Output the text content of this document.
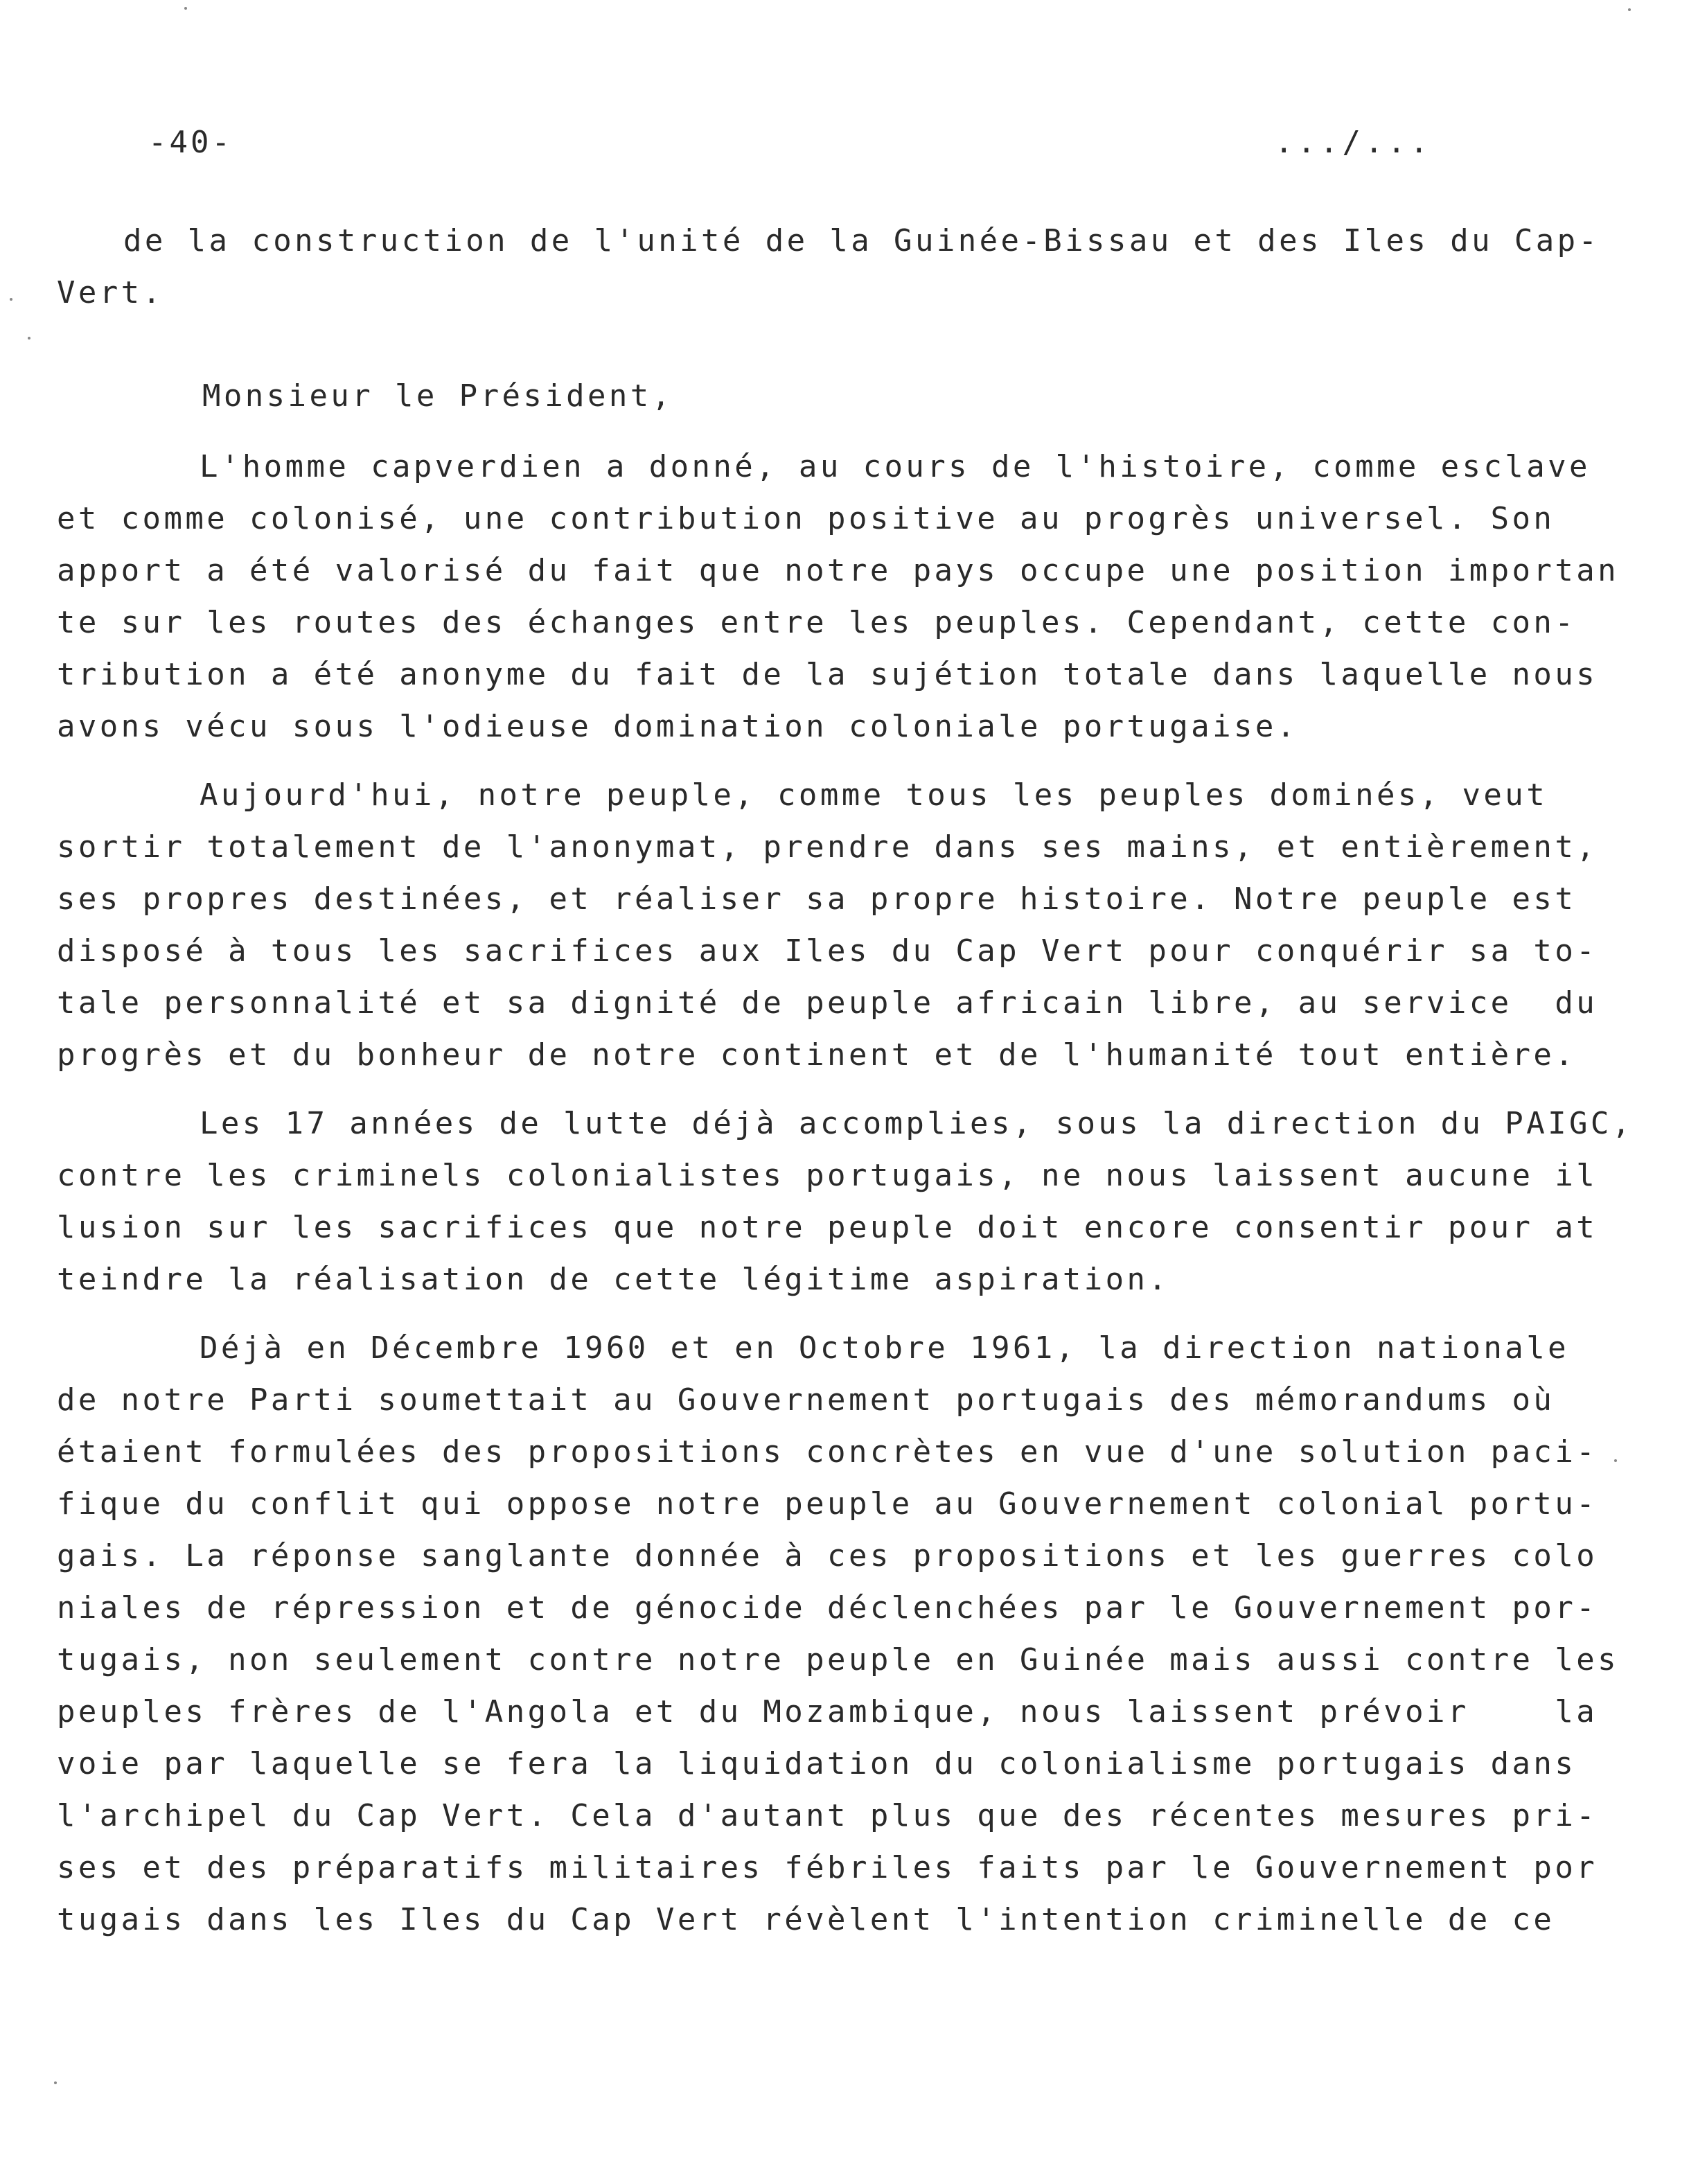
-40-	.../...
de la construction de l'unité de la Guinée-Bissau et des Iles du Cap-
Vert.
Monsieur le Président,
L'homme capverdien a donné, au cours de l'histoire, comme esclave
et comme colonisé, une contribution positive au progrès universel. Son
apport a été valorisé du fait que notre pays occupe une position importan
te sur les routes des échanges entre les peuples. Cependant, cette con-
tribution a été anonyme du fait de la sujétion totale dans laquelle nous
avons vécu sous l'odieuse domination coloniale portugaise.
Aujourd'hui, notre peuple, comme tous les peuples dominés, veut
sortir totalement de l'anonymat, prendre dans ses mains, et entièrement,
ses propres destinées, et réaliser sa propre histoire. Notre peuple est
disposé à tous les sacrifices aux Iles du Cap Vert pour conquérir sa to-
tale personnalité et sa dignité de peuple africain libre, au service  du
progrès et du bonheur de notre continent et de l'humanité tout entière.
Les 17 années de lutte déjà accomplies, sous la direction du PAIGC,
contre les criminels colonialistes portugais, ne nous laissent aucune il
lusion sur les sacrifices que notre peuple doit encore consentir pour at
teindre la réalisation de cette légitime aspiration.
Déjà en Décembre 1960 et en Octobre 1961, la direction nationale
de notre Parti soumettait au Gouvernement portugais des mémorandums où
étaient formulées des propositions concrètes en vue d'une solution paci-
fique du conflit qui oppose notre peuple au Gouvernement colonial portu-
gais. La réponse sanglante donnée à ces propositions et les guerres colo
niales de répression et de génocide déclenchées par le Gouvernement por-
tugais, non seulement contre notre peuple en Guinée mais aussi contre les
peuples frères de l'Angola et du Mozambique, nous laissent prévoir    la
voie par laquelle se fera la liquidation du colonialisme portugais dans
l'archipel du Cap Vert. Cela d'autant plus que des récentes mesures pri-
ses et des préparatifs militaires fébriles faits par le Gouvernement por
tugais dans les Iles du Cap Vert révèlent l'intention criminelle de ce
